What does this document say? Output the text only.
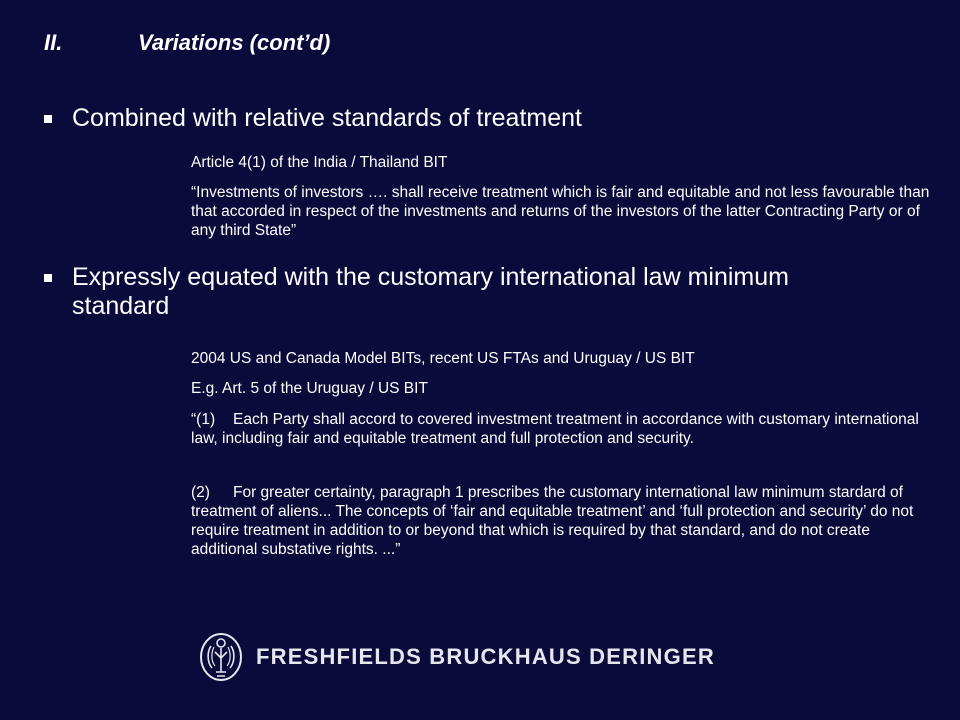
II.	Variations (cont’d)
Combined with relative standards of treatment
Article 4(1) of the India / Thailand BIT
“Investments of investors …. shall receive treatment which is fair and equitable and not less favourable than that accorded in respect of the investments and returns of the investors of the latter Contracting Party or of any third State”
Expressly equated with the customary international law minimum
standard
2004 US and Canada Model BITs, recent US FTAs and Uruguay / US BIT
E.g. Art. 5 of the Uruguay / US BIT
“(1) Each Party shall accord to covered investment treatment in accordance with customary international law, including fair and equitable treatment and full protection and security.
(2) For greater certainty, paragraph 1 prescribes the customary international law minimum stardard of treatment of aliens... The concepts of ‘fair and equitable treatment’ and ‘full protection and security’ do not require treatment in addition to or beyond that which is required by that standard, and do not create additional substative rights. ...”
FRESHFIELDS BRUCKHAUS DERINGER
